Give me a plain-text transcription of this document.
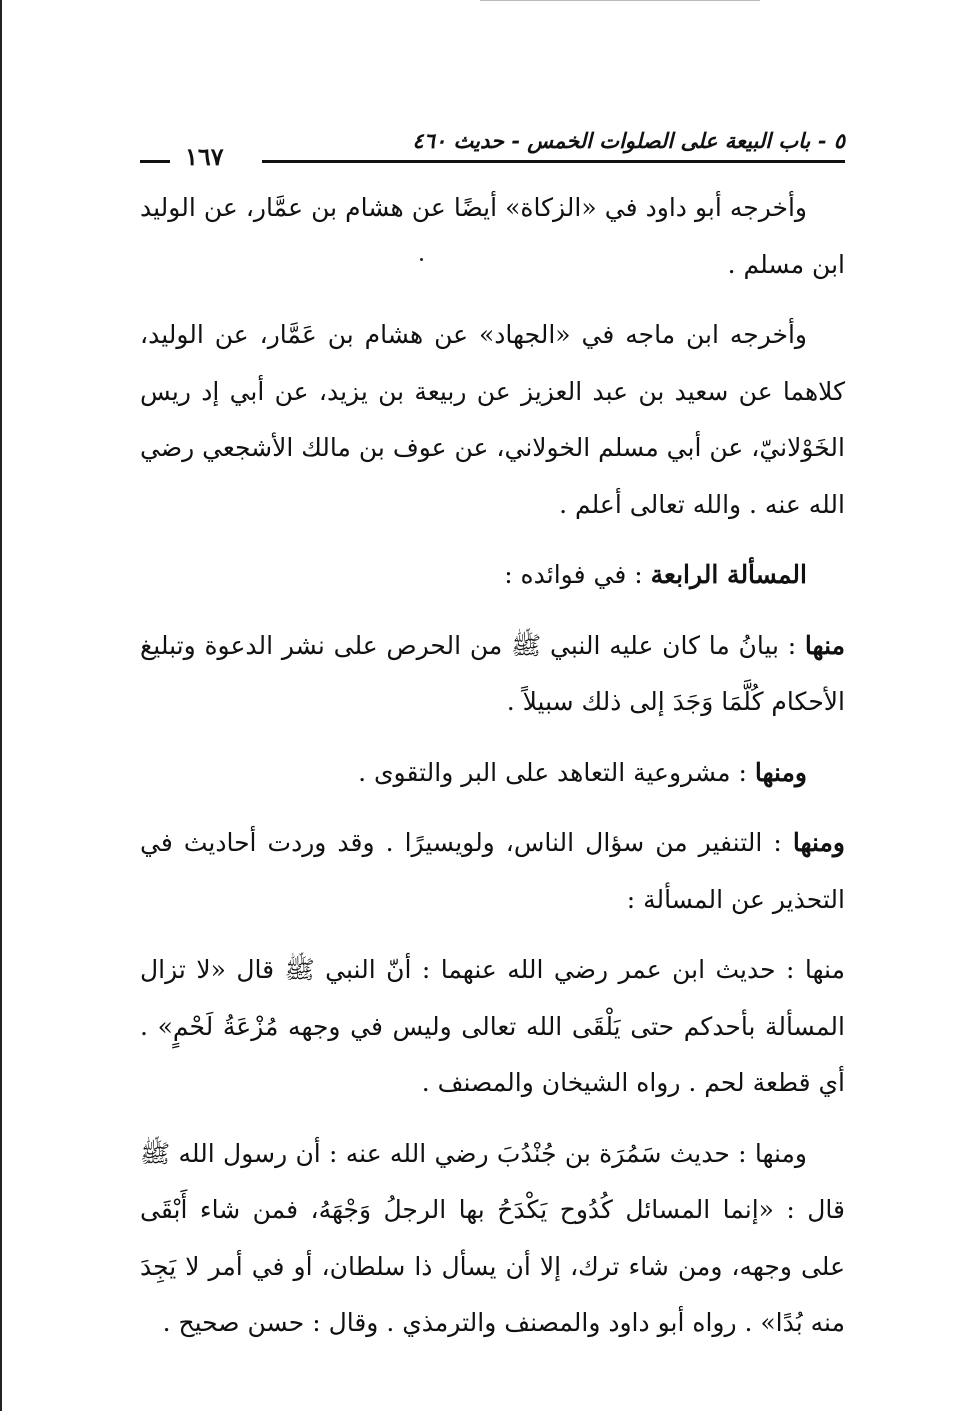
٥ - باب البيعة على الصلوات الخمس - حديث ٤٦٠
١٦٧

وأخرجه أبو داود في «الزكاة» أيضًا عن هشام بن عمَّار، عن الوليد ابن مسلم .

وأخرجه ابن ماجه في «الجهاد» عن هشام بن عَمَّار، عن الوليد، كلاهما عن سعيد بن عبد العزيز عن ربيعة بن يزيد، عن أبي إد ريس الخَوْلانيّ، عن أبي مسلم الخولاني، عن عوف بن مالك الأشجعي رضي الله عنه . والله تعالى أعلم .

المسألة الرابعة : في فوائده :

منها : بيانُ ما كان عليه النبي ﷺ من الحرص على نشر الدعوة وتبليغ الأحكام كُلَّمَا وَجَدَ إلى ذلك سبيلاً .

ومنها : مشروعية التعاهد على البر والتقوى .

ومنها : التنفير من سؤال الناس، ولويسيرًا . وقد وردت أحاديث في التحذير عن المسألة :

منها : حديث ابن عمر رضي الله عنهما : أنّ النبي ﷺ قال «لا تزال المسألة بأحدكم حتى يَلْقَى الله تعالى وليس في وجهه مُزْعَةُ لَحْمٍ» . أي قطعة لحم . رواه الشيخان والمصنف .

ومنها : حديث سَمُرَة بن جُنْدُبَ رضي الله عنه : أن رسول الله ﷺ قال : «إنما المسائل كُدُوح يَكْدَحُ بها الرجلُ وَجْهَهُ، فمن شاء أَبْقَى على وجهه، ومن شاء ترك، إلا أن يسأل ذا سلطان، أو في أمر لا يَجِدَ منه بُدًا» . رواه أبو داود والمصنف والترمذي . وقال : حسن صحيح .
